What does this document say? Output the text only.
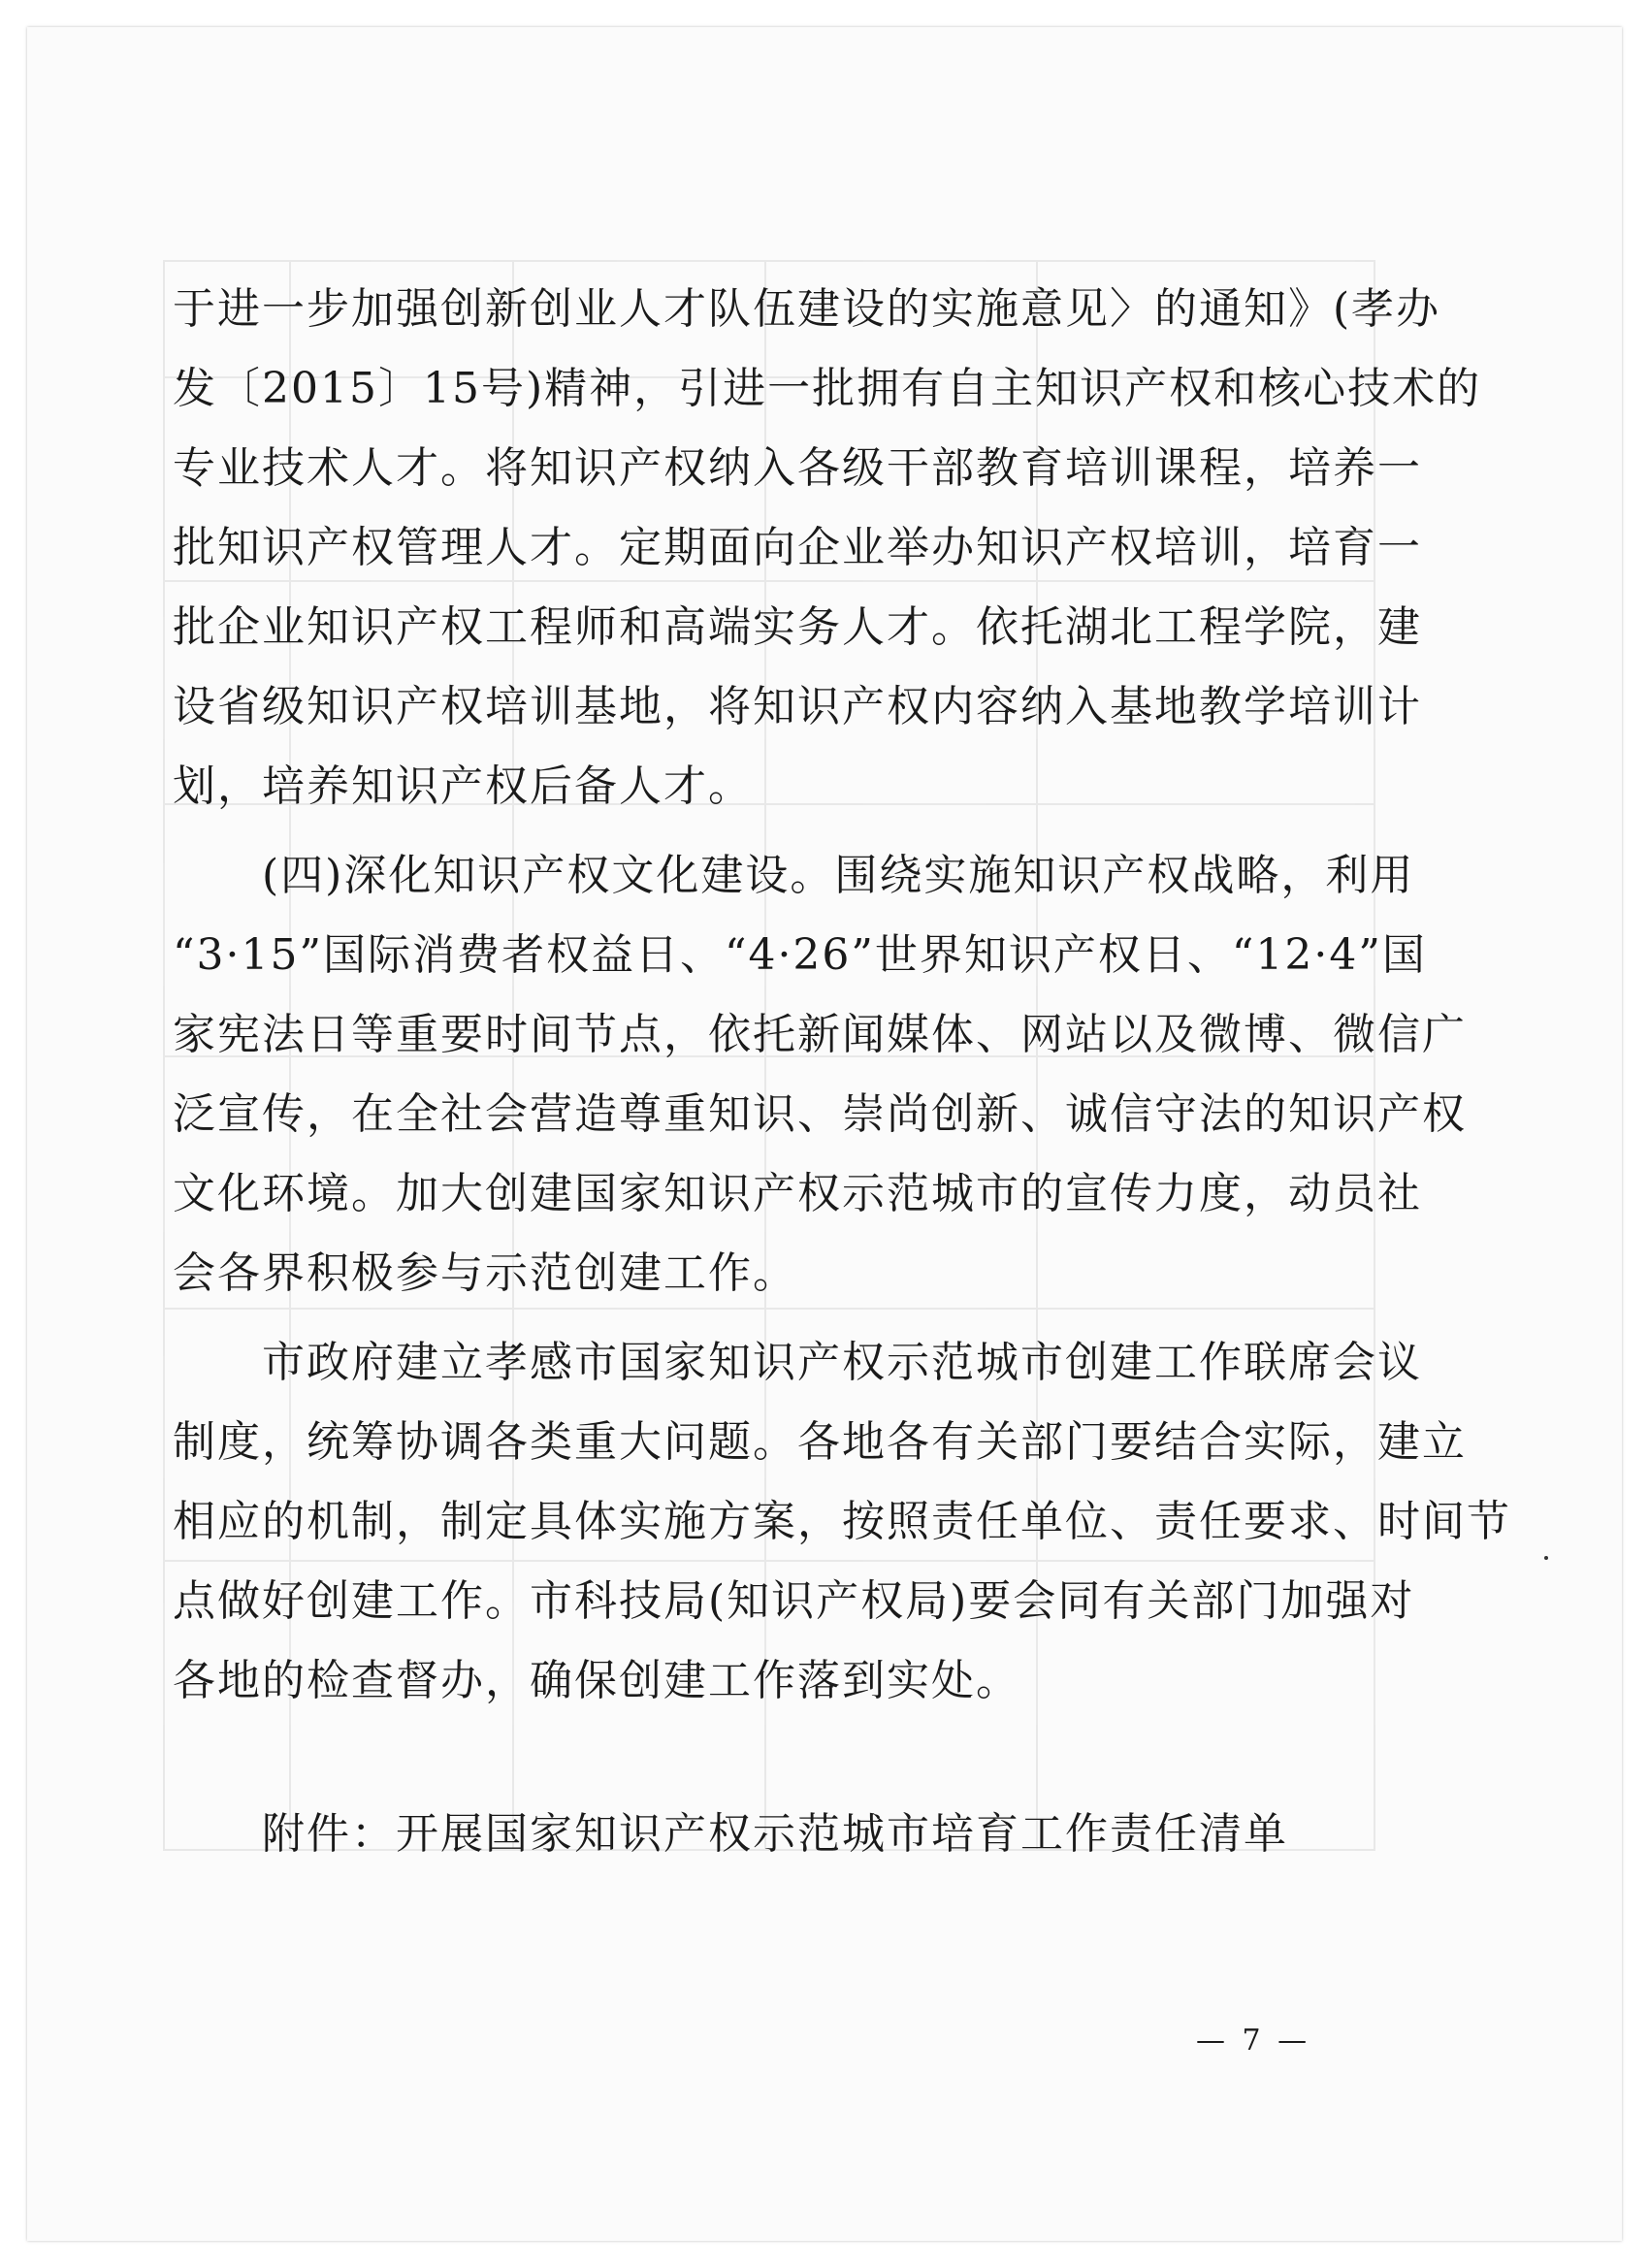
于进一步加强创新创业人才队伍建设的实施意见〉的通知》(孝办
发〔2015〕15号)精神，引进一批拥有自主知识产权和核心技术的
专业技术人才。将知识产权纳入各级干部教育培训课程，培养一
批知识产权管理人才。定期面向企业举办知识产权培训，培育一
批企业知识产权工程师和高端实务人才。依托湖北工程学院，建
设省级知识产权培训基地，将知识产权内容纳入基地教学培训计
划，培养知识产权后备人才。
(四)深化知识产权文化建设。围绕实施知识产权战略，利用
“3·15”国际消费者权益日、“4·26”世界知识产权日、“12·4”国
家宪法日等重要时间节点，依托新闻媒体、网站以及微博、微信广
泛宣传，在全社会营造尊重知识、崇尚创新、诚信守法的知识产权
文化环境。加大创建国家知识产权示范城市的宣传力度，动员社
会各界积极参与示范创建工作。
市政府建立孝感市国家知识产权示范城市创建工作联席会议
制度，统筹协调各类重大问题。各地各有关部门要结合实际，建立
相应的机制，制定具体实施方案，按照责任单位、责任要求、时间节
点做好创建工作。市科技局(知识产权局)要会同有关部门加强对
各地的检查督办，确保创建工作落到实处。
附件：开展国家知识产权示范城市培育工作责任清单
— 7 —
